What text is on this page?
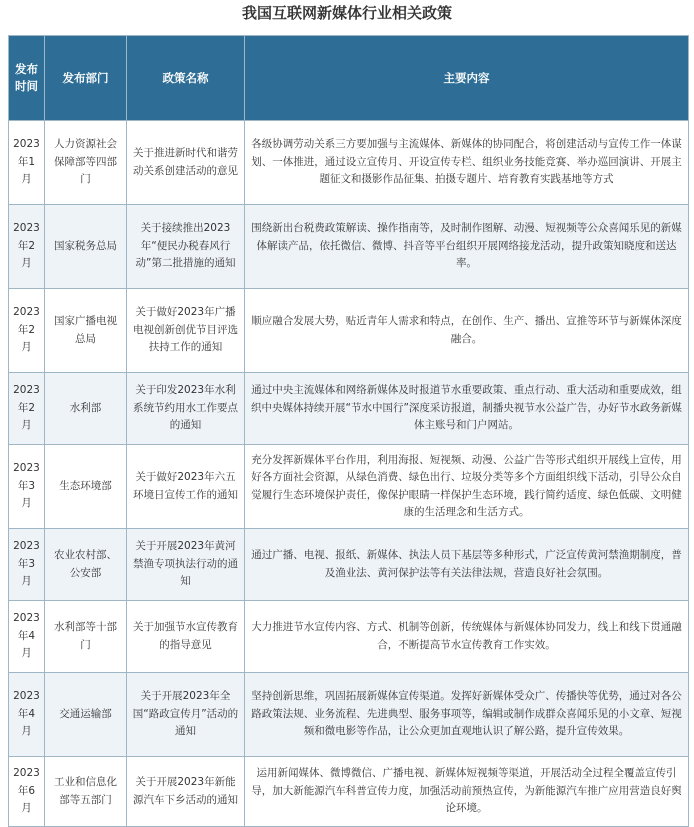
我国互联网新媒体行业相关政策
发布时间	发布部门	政策名称	主要内容
2023年1月	人力资源社会保障部等四部门	关于推进新时代和谐劳动关系创建活动的意见	各级协调劳动关系三方要加强与主流媒体、新媒体的协同配合，将创建活动与宣传工作一体谋划、一体推进，通过设立宣传月、开设宣传专栏、组织业务技能竞赛、举办巡回演讲、开展主题征文和摄影作品征集、拍摄专题片、培育教育实践基地等方式
2023年2月	国家税务总局	关于接续推出2023年“便民办税春风行动”第二批措施的通知	围绕新出台税费政策解读、操作指南等，及时制作图解、动漫、短视频等公众喜闻乐见的新媒体解读产品，依托微信、微博、抖音等平台组织开展网络接龙活动，提升政策知晓度和送达率。
2023年2月	国家广播电视总局	关于做好2023年广播电视创新创优节目评选扶持工作的通知	顺应融合发展大势，贴近青年人需求和特点，在创作、生产、播出、宣推等环节与新媒体深度融合。
2023年2月	水利部	关于印发2023年水利系统节约用水工作要点的通知	通过中央主流媒体和网络新媒体及时报道节水重要政策、重点行动、重大活动和重要成效，组织中央媒体持续开展“节水中国行”深度采访报道，制播央视节水公益广告，办好节水政务新媒体主账号和门户网站。
2023年3月	生态环境部	关于做好2023年六五环境日宣传工作的通知	充分发挥新媒体平台作用，利用海报、短视频、动漫、公益广告等形式组织开展线上宣传，用好各方面社会资源，从绿色消费、绿色出行、垃圾分类等多个方面组织线下活动，引导公众自觉履行生态环境保护责任，像保护眼睛一样保护生态环境，践行简约适度、绿色低碳、文明健康的生活理念和生活方式。
2023年3月	农业农村部、公安部	关于开展2023年黄河禁渔专项执法行动的通知	通过广播、电视、报纸、新媒体、执法人员下基层等多种形式，广泛宣传黄河禁渔期制度，普及渔业法、黄河保护法等有关法律法规，营造良好社会氛围。
2023年4月	水利部等十部门	关于加强节水宣传教育的指导意见	大力推进节水宣传内容、方式、机制等创新，传统媒体与新媒体协同发力，线上和线下贯通融合，不断提高节水宣传教育工作实效。
2023年4月	交通运输部	关于开展2023年全国“路政宣传月”活动的通知	坚持创新思维，巩固拓展新媒体宣传渠道。发挥好新媒体受众广、传播快等优势，通过对各公路政策法规、业务流程、先进典型、服务事项等，编辑或制作成群众喜闻乐见的小文章、短视频和微电影等作品，让公众更加直观地认识了解公路，提升宣传效果。
2023年6月	工业和信息化部等五部门	关于开展2023年新能源汽车下乡活动的通知	运用新闻媒体、微博微信、广播电视、新媒体短视频等渠道，开展活动全过程全覆盖宣传引导，加大新能源汽车科普宣传力度，加强活动前预热宣传，为新能源汽车推广应用营造良好舆论环境。
